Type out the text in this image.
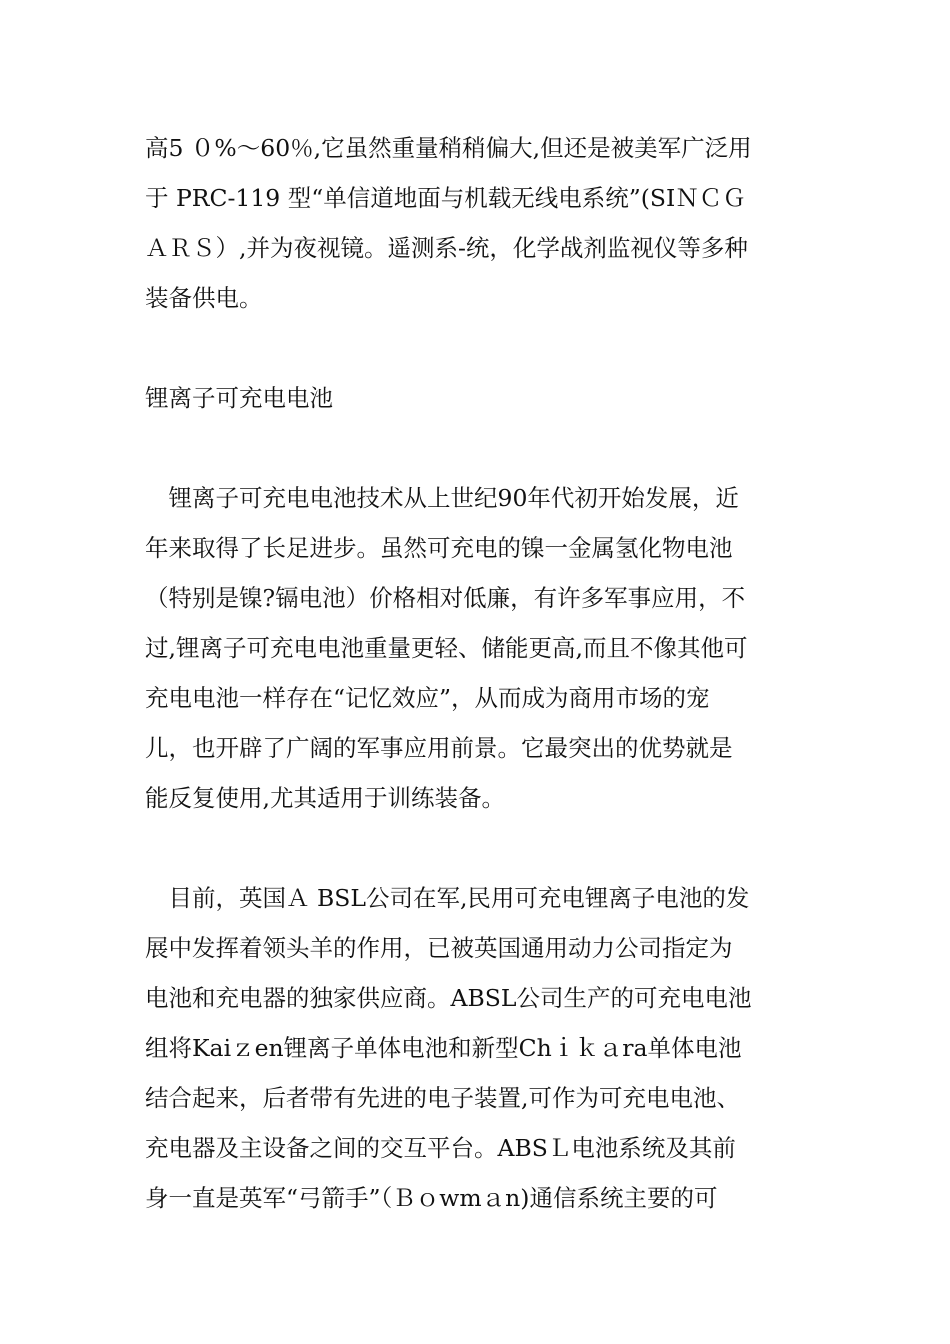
高5 ０%～60％,它虽然重量稍稍偏大,但还是被美军广泛用
于 PRC-119 型“单信道地面与机载无线电系统”(SIＮＣＧ
ＡＲＳ）,并为夜视镜。遥测系-统，化学战剂监视仪等多种
装备供电。
锂离子可充电电池
　锂离子可充电电池技术从上世纪90年代初开始发展，近
年来取得了长足进步。虽然可充电的镍一金属氢化物电池
（特别是镍?镉电池）价格相对低廉，有许多军事应用，不
过,锂离子可充电电池重量更轻、储能更高,而且不像其他可
充电电池一样存在“记忆效应”，从而成为商用市场的宠
儿，也开辟了广阔的军事应用前景。它最突出的优势就是
能反复使用,尤其适用于训练装备。
　目前，英国Ａ BSL公司在军,民用可充电锂离子电池的发
展中发挥着领头羊的作用，已被英国通用动力公司指定为
电池和充电器的独家供应商。ABSL公司生产的可充电电池
组将Kaiｚen锂离子单体电池和新型Chｉｋａra单体电池
结合起来，后者带有先进的电子装置,可作为可充电电池、
充电器及主设备之间的交互平台。ABSＬ电池系统及其前
身一直是英军“弓箭手”（Ｂｏwmａn)通信系统主要的可
